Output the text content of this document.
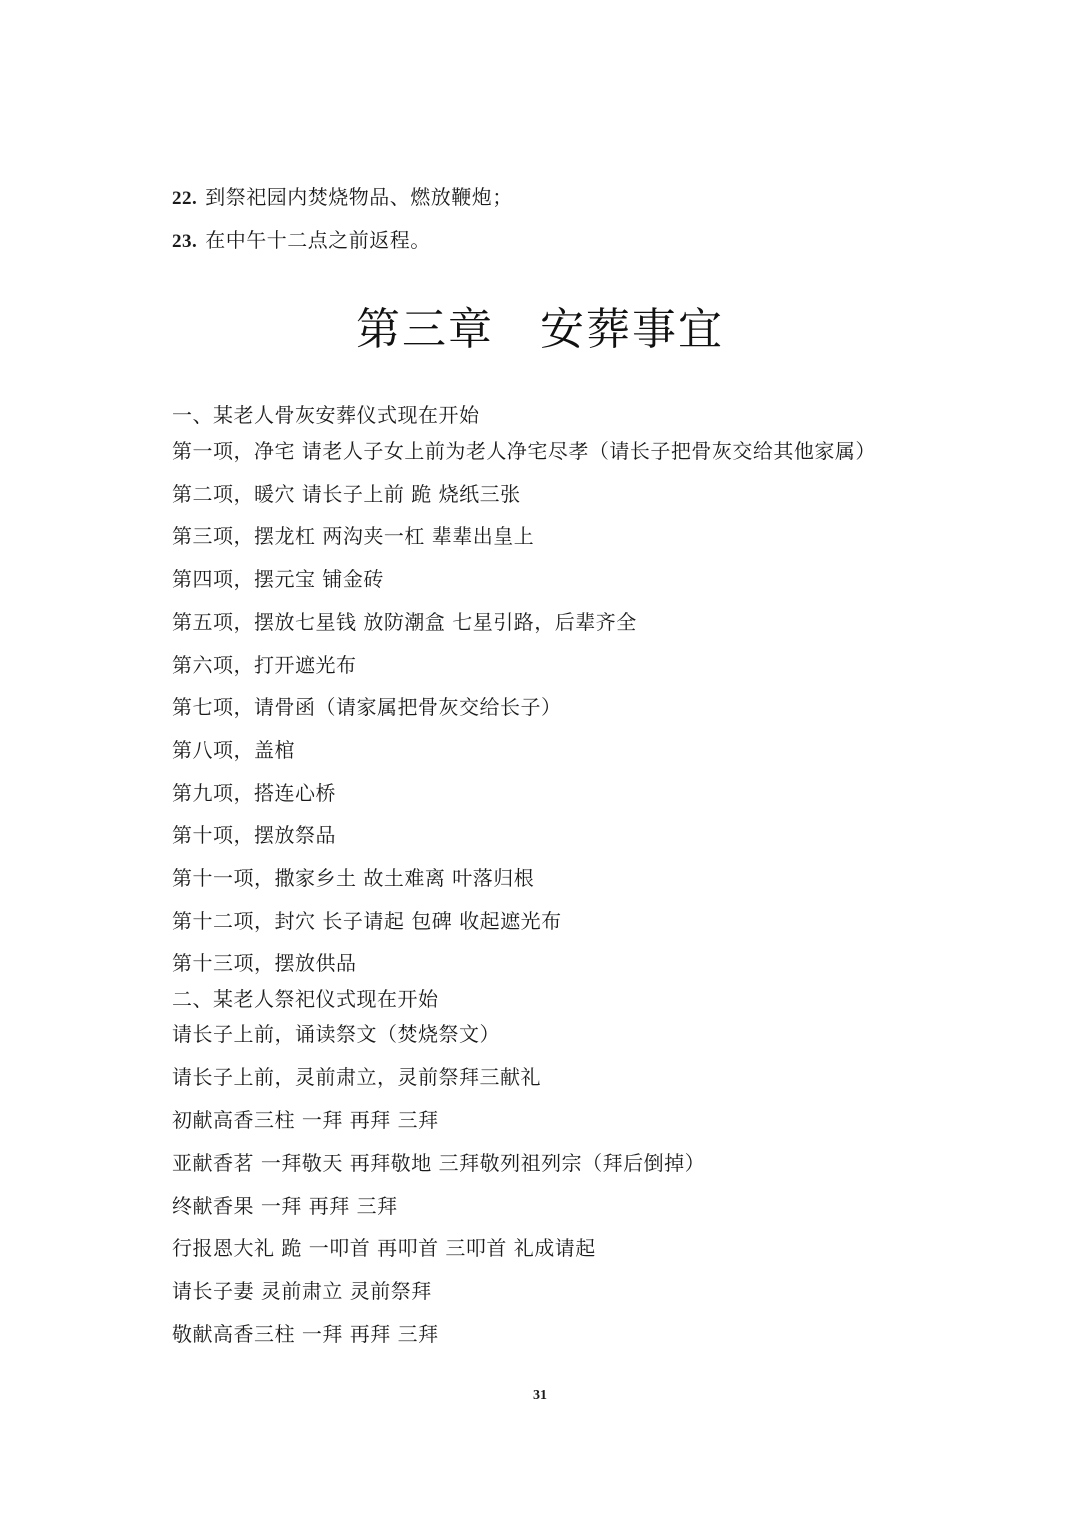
22. 到祭祀园内焚烧物品、燃放鞭炮；
23. 在中午十二点之前返程。
第三章　安葬事宜
一、某老人骨灰安葬仪式现在开始
第一项，净宅 请老人子女上前为老人净宅尽孝（请长子把骨灰交给其他家属）
第二项，暖穴 请长子上前 跪 烧纸三张
第三项，摆龙杠 两沟夹一杠 辈辈出皇上
第四项，摆元宝 铺金砖
第五项，摆放七星钱 放防潮盒 七星引路，后辈齐全
第六项，打开遮光布
第七项，请骨函（请家属把骨灰交给长子）
第八项，盖棺
第九项，搭连心桥
第十项，摆放祭品
第十一项，撒家乡土 故土难离 叶落归根
第十二项，封穴 长子请起 包碑 收起遮光布
第十三项，摆放供品
二、某老人祭祀仪式现在开始
请长子上前，诵读祭文（焚烧祭文）
请长子上前，灵前肃立，灵前祭拜三献礼
初献高香三柱 一拜 再拜 三拜
亚献香茗 一拜敬天 再拜敬地 三拜敬列祖列宗（拜后倒掉）
终献香果 一拜 再拜 三拜
行报恩大礼 跪 一叩首 再叩首 三叩首 礼成请起
请长子妻 灵前肃立 灵前祭拜
敬献高香三柱 一拜 再拜 三拜
31
